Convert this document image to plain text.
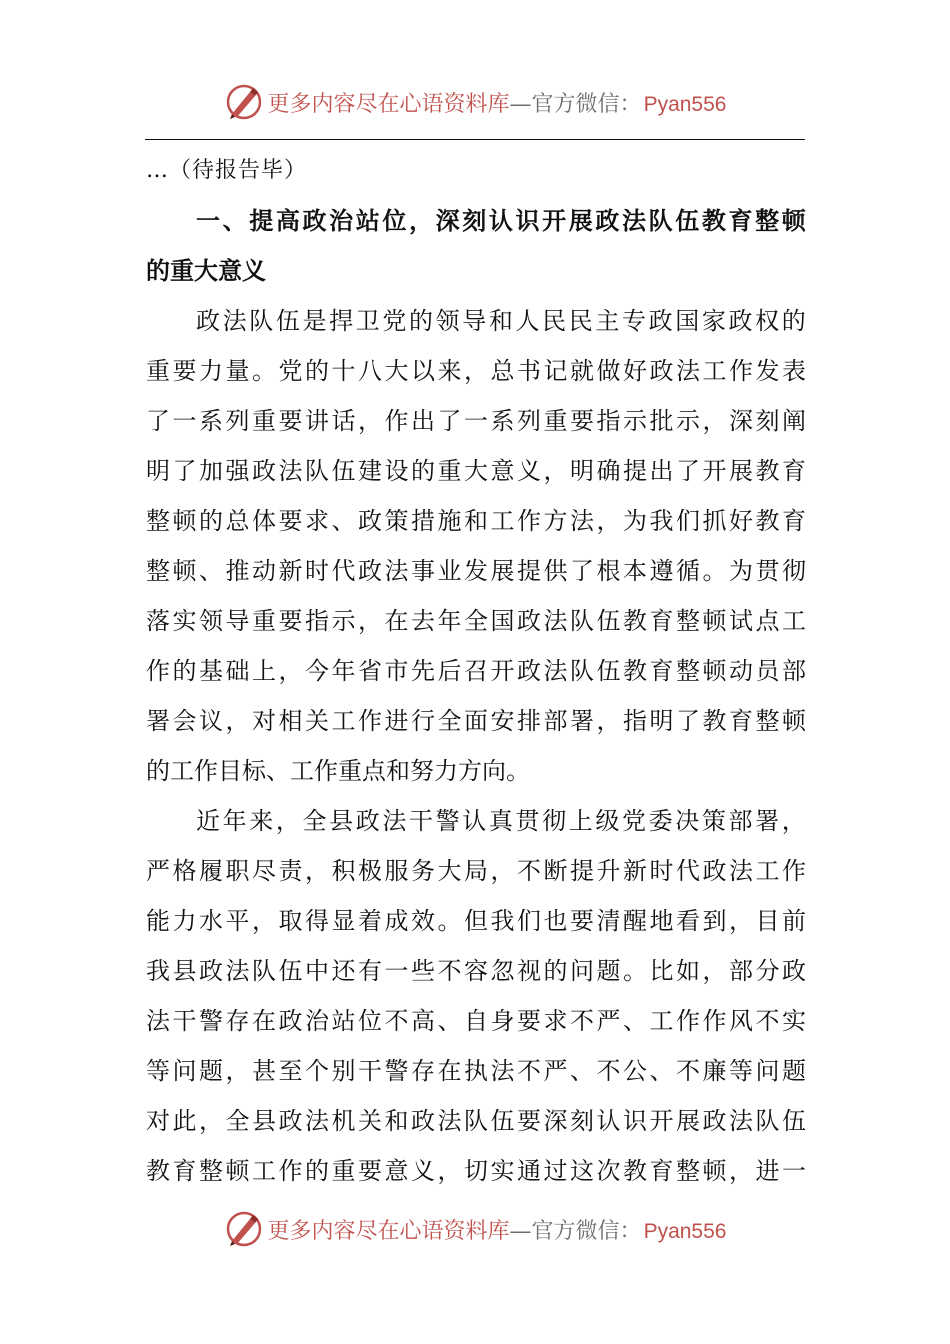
更多内容尽在心语资料库 —官方微信： Pyan556
…（待报告毕）
一 、 提 高 政 治 站 位 ， 深 刻 认 识 开 展 政 法 队 伍 教 育 整 顿
的重大意义
政 法 队 伍 是 捍 卫 党 的 领 导 和 人 民 民 主 专 政 国 家 政 权 的
重 要 力 量 。 党 的 十 八 大 以 来 ， 总 书 记 就 做 好 政 法 工 作 发 表
了 一 系 列 重 要 讲 话 ， 作 出 了 一 系 列 重 要 指 示 批 示 ， 深 刻 阐
明 了 加 强 政 法 队 伍 建 设 的 重 大 意 义 ， 明 确 提 出 了 开 展 教 育
整 顿 的 总 体 要 求 、 政 策 措 施 和 工 作 方 法 ， 为 我 们 抓 好 教 育
整 顿 、 推 动 新 时 代 政 法 事 业 发 展 提 供 了 根 本 遵 循 。 为 贯 彻
落 实 领 导 重 要 指 示 ， 在 去 年 全 国 政 法 队 伍 教 育 整 顿 试 点 工
作 的 基 础 上 ， 今 年 省 市 先 后 召 开 政 法 队 伍 教 育 整 顿 动 员 部
署 会 议 ， 对 相 关 工 作 进 行 全 面 安 排 部 署 ， 指 明 了 教 育 整 顿
的工作目标、工作重点和努力方向。
近 年 来 ， 全 县 政 法 干 警 认 真 贯 彻 上 级 党 委 决 策 部 署 ，
严 格 履 职 尽 责 ， 积 极 服 务 大 局 ， 不 断 提 升 新 时 代 政 法 工 作
能 力 水 平 ， 取 得 显 着 成 效 。 但 我 们 也 要 清 醒 地 看 到 ， 目 前
我 县 政 法 队 伍 中 还 有 一 些 不 容 忽 视 的 问 题 。 比 如 ， 部 分 政
法 干 警 存 在 政 治 站 位 不 高 、 自 身 要 求 不 严 、 工 作 作 风 不 实
等 问 题 ， 甚 至 个 别 干 警 存 在 执 法 不 严 、 不 公 、 不 廉 等 问 题
对 此 ， 全 县 政 法 机 关 和 政 法 队 伍 要 深 刻 认 识 开 展 政 法 队 伍
教 育 整 顿 工 作 的 重 要 意 义 ， 切 实 通 过 这 次 教 育 整 顿 ， 进 一
更多内容尽在心语资料库 —官方微信： Pyan556
